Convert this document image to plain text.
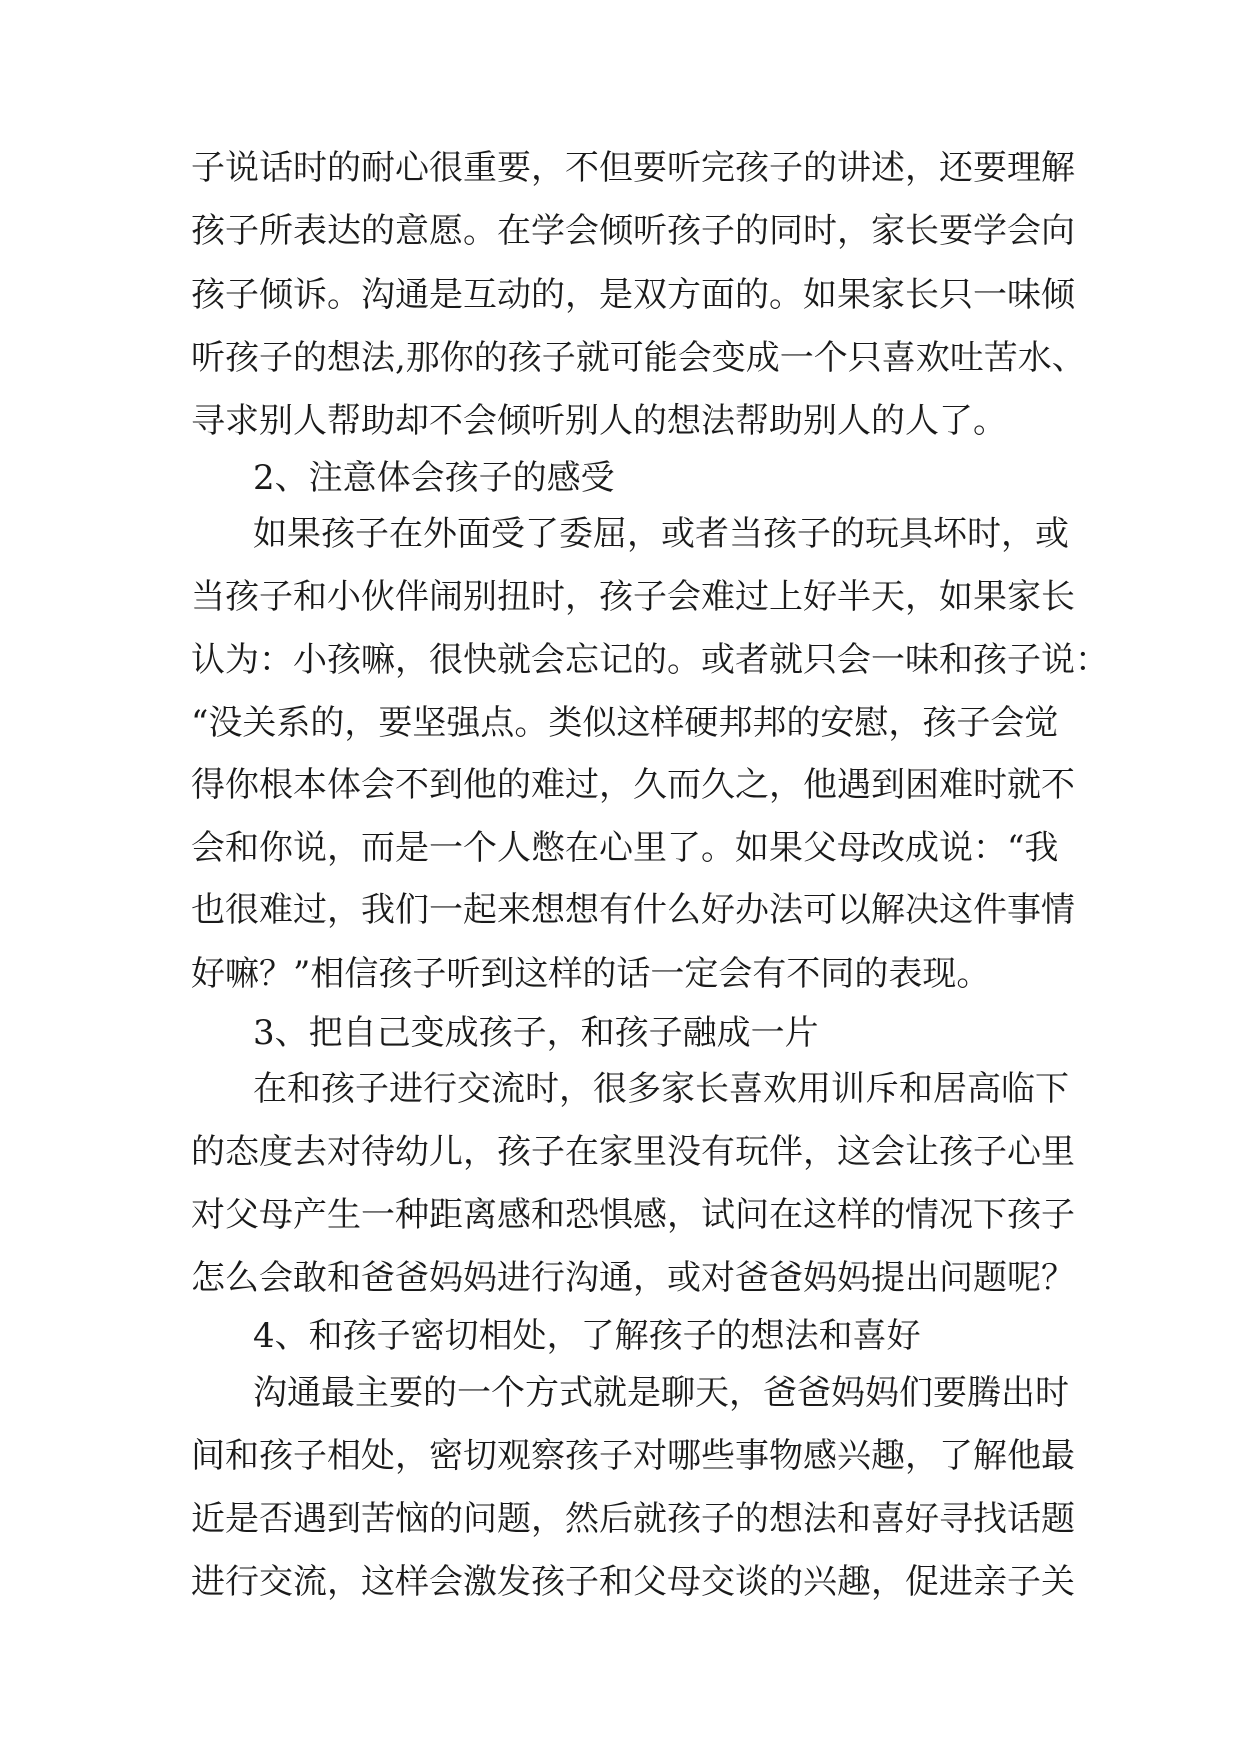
子说话时的耐心很重要，不但要听完孩子的讲述，还要理解
孩子所表达的意愿。在学会倾听孩子的同时，家长要学会向
孩子倾诉。沟通是互动的，是双方面的。如果家长只一味倾
听孩子的想法,那你的孩子就可能会变成一个只喜欢吐苦水、
寻求别人帮助却不会倾听别人的想法帮助别人的人了。
2、注意体会孩子的感受
如果孩子在外面受了委屈，或者当孩子的玩具坏时，或
当孩子和小伙伴闹别扭时，孩子会难过上好半天，如果家长
认为：小孩嘛，很快就会忘记的。或者就只会一味和孩子说：
“没关系的，要坚强点。类似这样硬邦邦的安慰，孩子会觉
得你根本体会不到他的难过，久而久之，他遇到困难时就不
会和你说，而是一个人憋在心里了。如果父母改成说：“我
也很难过，我们一起来想想有什么好办法可以解决这件事情
好嘛？”相信孩子听到这样的话一定会有不同的表现。
3、把自己变成孩子，和孩子融成一片
在和孩子进行交流时，很多家长喜欢用训斥和居高临下
的态度去对待幼儿，孩子在家里没有玩伴，这会让孩子心里
对父母产生一种距离感和恐惧感，试问在这样的情况下孩子
怎么会敢和爸爸妈妈进行沟通，或对爸爸妈妈提出问题呢？
4、和孩子密切相处，了解孩子的想法和喜好
沟通最主要的一个方式就是聊天，爸爸妈妈们要腾出时
间和孩子相处，密切观察孩子对哪些事物感兴趣，了解他最
近是否遇到苦恼的问题，然后就孩子的想法和喜好寻找话题
进行交流，这样会激发孩子和父母交谈的兴趣，促进亲子关
